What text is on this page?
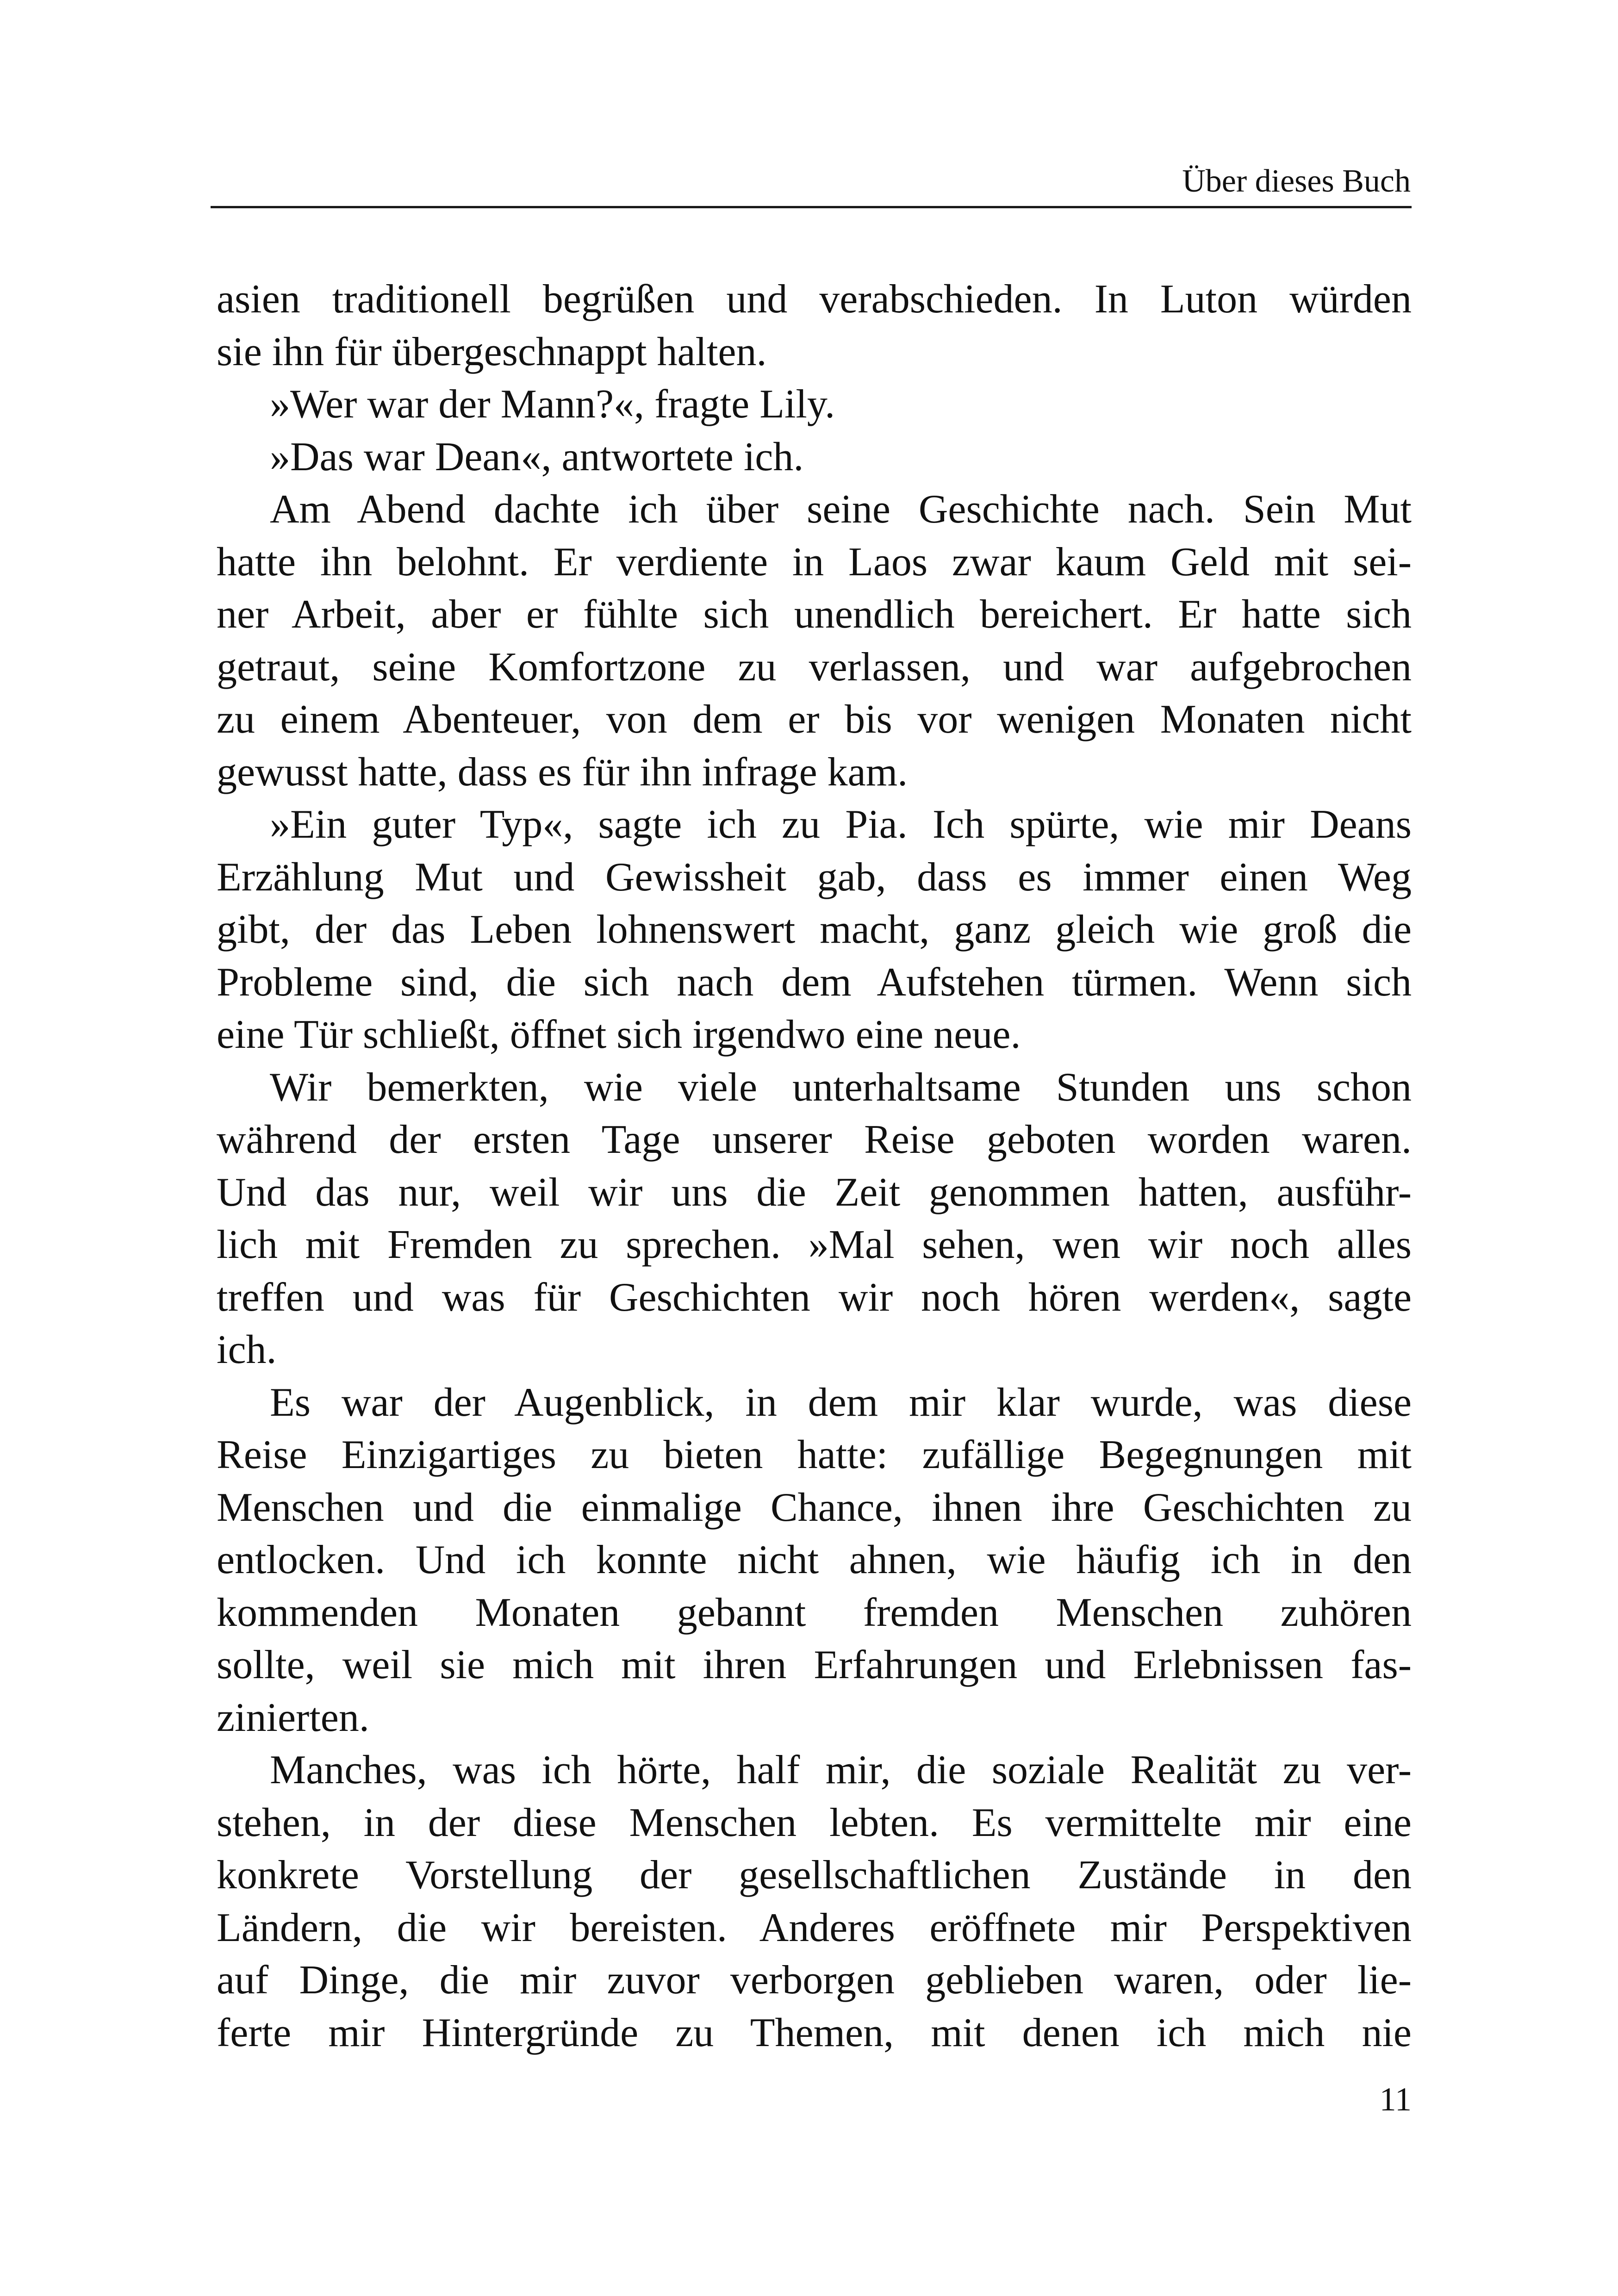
Über dieses Buch
asien traditionell begrüßen und verabschieden. In Luton würden
sie ihn für übergeschnappt halten.
»Wer war der Mann?«, fragte Lily.
»Das war Dean«, antwortete ich.
Am Abend dachte ich über seine Geschichte nach. Sein Mut
hatte ihn belohnt. Er verdiente in Laos zwar kaum Geld mit sei-
ner Arbeit, aber er fühlte sich unendlich bereichert. Er hatte sich
getraut, seine Komfortzone zu verlassen, und war aufgebrochen
zu einem Abenteuer, von dem er bis vor wenigen Monaten nicht
gewusst hatte, dass es für ihn infrage kam.
»Ein guter Typ«, sagte ich zu Pia. Ich spürte, wie mir Deans
Erzählung Mut und Gewissheit gab, dass es immer einen Weg
gibt, der das Leben lohnenswert macht, ganz gleich wie groß die
Probleme sind, die sich nach dem Aufstehen türmen. Wenn sich
eine Tür schließt, öffnet sich irgendwo eine neue.
Wir bemerkten, wie viele unterhaltsame Stunden uns schon
während der ersten Tage unserer Reise geboten worden waren.
Und das nur, weil wir uns die Zeit genommen hatten, ausführ-
lich mit Fremden zu sprechen. »Mal sehen, wen wir noch alles
treffen und was für Geschichten wir noch hören werden«, sagte
ich.
Es war der Augenblick, in dem mir klar wurde, was diese
Reise Einzigartiges zu bieten hatte: zufällige Begegnungen mit
Menschen und die einmalige Chance, ihnen ihre Geschichten zu
entlocken. Und ich konnte nicht ahnen, wie häufig ich in den
kommenden Monaten gebannt fremden Menschen zuhören
sollte, weil sie mich mit ihren Erfahrungen und Erlebnissen fas-
zinierten.
Manches, was ich hörte, half mir, die soziale Realität zu ver-
stehen, in der diese Menschen lebten. Es vermittelte mir eine
konkrete Vorstellung der gesellschaftlichen Zustände in den
Ländern, die wir bereisten. Anderes eröffnete mir Perspektiven
auf Dinge, die mir zuvor verborgen geblieben waren, oder lie-
ferte mir Hintergründe zu Themen, mit denen ich mich nie
11
